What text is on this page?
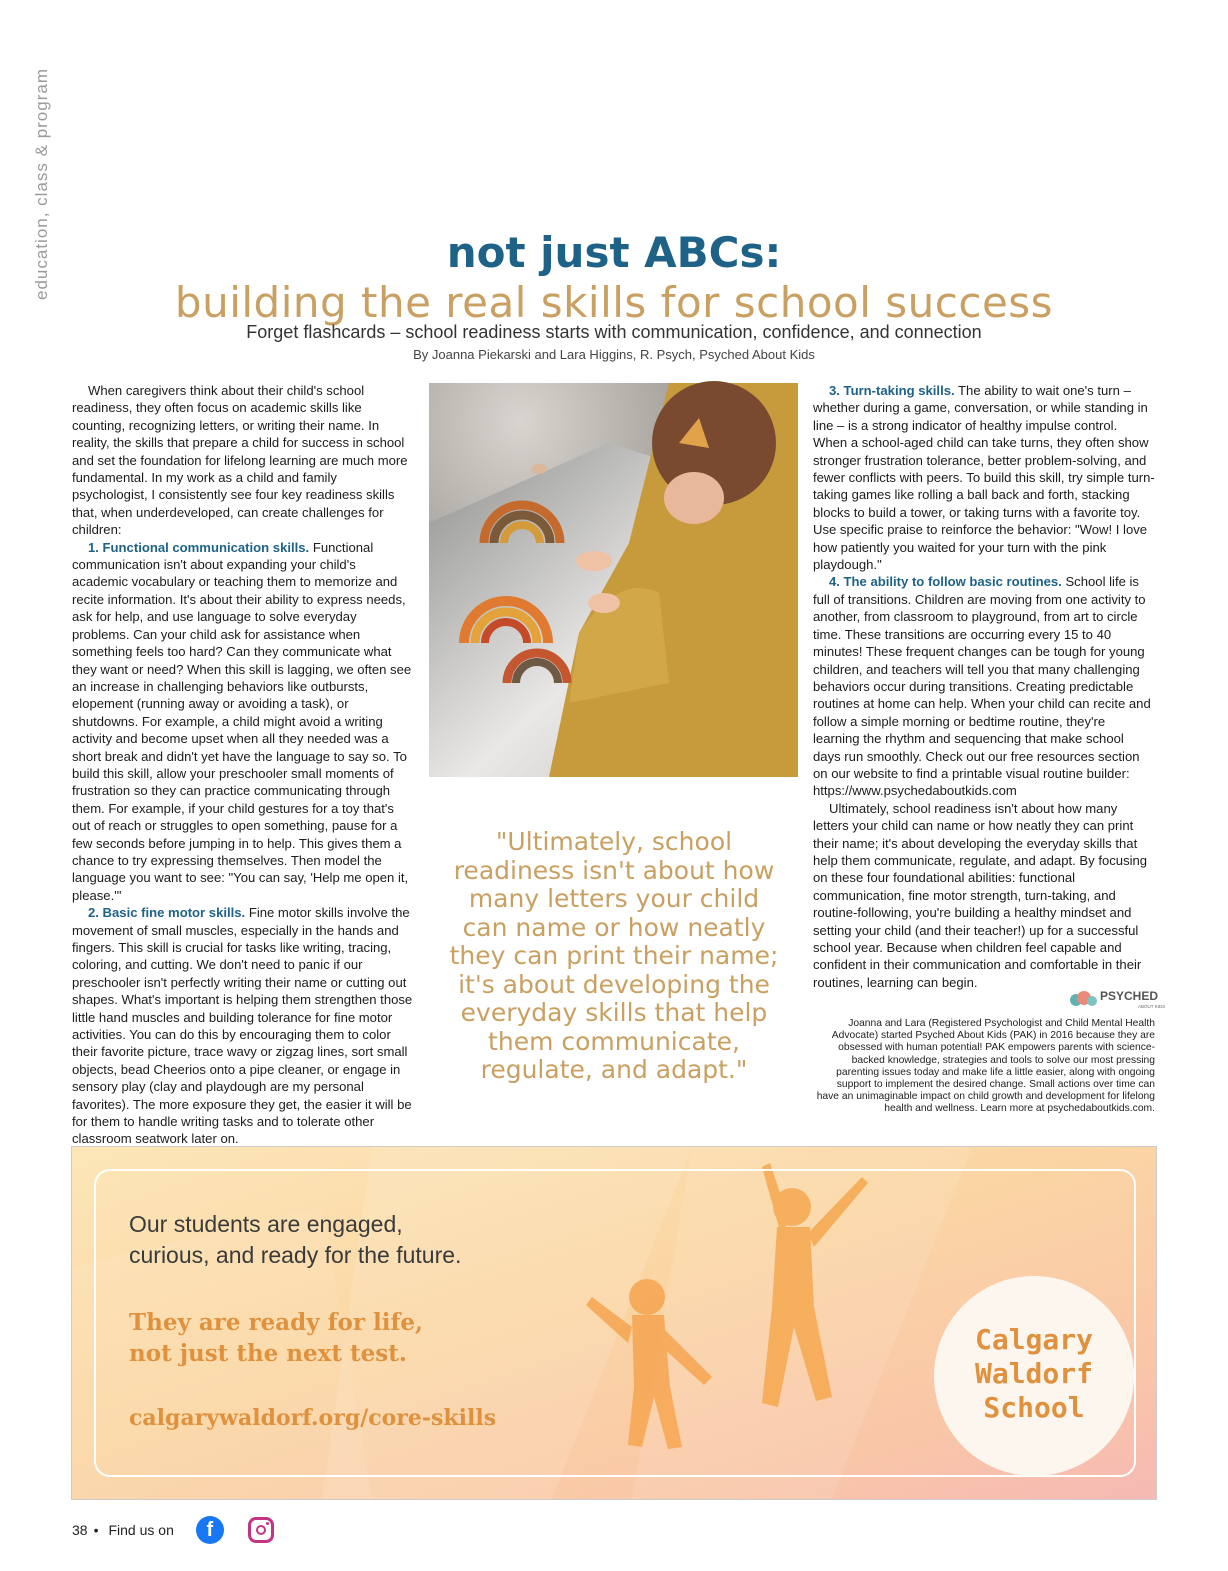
education, class & program	not just ABCs:
building the real skills for school success
Forget flashcards – school readiness starts with communication, confidence, and connection
By Joanna Piekarski and Lara Higgins, R. Psych, Psyched About Kids

When caregivers think about their child's school readiness, they often focus on academic skills like counting, recognizing letters, or writing their name. In reality, the skills that prepare a child for success in school and set the foundation for lifelong learning are much more fundamental. In my work as a child and family psychologist, I consistently see four key readiness skills that, when underdeveloped, can create challenges for children:

1. Functional communication skills. Functional communication isn't about expanding your child's academic vocabulary or teaching them to memorize and recite information. It's about their ability to express needs, ask for help, and use language to solve everyday problems. Can your child ask for assistance when something feels too hard? Can they communicate what they want or need? When this skill is lagging, we often see an increase in challenging behaviors like outbursts, elopement (running away or avoiding a task), or shutdowns. For example, a child might avoid a writing activity and become upset when all they needed was a short break and didn't yet have the language to say so. To build this skill, allow your preschooler small moments of frustration so they can practice communicating through them. For example, if your child gestures for a toy that's out of reach or struggles to open something, pause for a few seconds before jumping in to help. This gives them a chance to try expressing themselves. Then model the language you want to see: "You can say, 'Help me open it, please.'"

2. Basic fine motor skills. Fine motor skills involve the movement of small muscles, especially in the hands and fingers. This skill is crucial for tasks like writing, tracing, coloring, and cutting. We don't need to panic if our preschooler isn't perfectly writing their name or cutting out shapes. What's important is helping them strengthen those little hand muscles and building tolerance for fine motor activities. You can do this by encouraging them to color their favorite picture, trace wavy or zigzag lines, sort small objects, bead Cheerios onto a pipe cleaner, or engage in sensory play (clay and playdough are my personal favorites). The more exposure they get, the easier it will be for them to handle writing tasks and to tolerate other classroom seatwork later on.

"Ultimately, school readiness isn't about how many letters your child can name or how neatly they can print their name; it's about developing the everyday skills that help them communicate, regulate, and adapt."

3. Turn-taking skills. The ability to wait one's turn – whether during a game, conversation, or while standing in line – is a strong indicator of healthy impulse control. When a school-aged child can take turns, they often show stronger frustration tolerance, better problem-solving, and fewer conflicts with peers. To build this skill, try simple turn-taking games like rolling a ball back and forth, stacking blocks to build a tower, or taking turns with a favorite toy. Use specific praise to reinforce the behavior: "Wow! I love how patiently you waited for your turn with the pink playdough."

4. The ability to follow basic routines. School life is full of transitions. Children are moving from one activity to another, from classroom to playground, from art to circle time. These transitions are occurring every 15 to 40 minutes! These frequent changes can be tough for young children, and teachers will tell you that many challenging behaviors occur during transitions. Creating predictable routines at home can help. When your child can recite and follow a simple morning or bedtime routine, they're learning the rhythm and sequencing that make school days run smoothly. Check out our free resources section on our website to find a printable visual routine builder: https://www.psychedaboutkids.com

Ultimately, school readiness isn't about how many letters your child can name or how neatly they can print their name; it's about developing the everyday skills that help them communicate, regulate, and adapt. By focusing on these four foundational abilities: functional communication, fine motor strength, turn-taking, and routine-following, you're building a healthy mindset and setting your child (and their teacher!) up for a successful school year. Because when children feel capable and confident in their communication and comfortable in their routines, learning can begin.

PSYCHED
ABOUT KIDS
Joanna and Lara (Registered Psychologist and Child Mental Health Advocate) started Psyched About Kids (PAK) in 2016 because they are obsessed with human potential! PAK empowers parents with science-backed knowledge, strategies and tools to solve our most pressing parenting issues today and make life a little easier, along with ongoing support to implement the desired change. Small actions over time can have an unimaginable impact on child growth and development for lifelong health and wellness. Learn more at psychedaboutkids.com.
Our students are engaged,
curious, and ready for the future.
They are ready for life,
not just the next test.
calgarywaldorf.org/core-skills
Calgary
Waldorf
School
38 • Find us on	f
